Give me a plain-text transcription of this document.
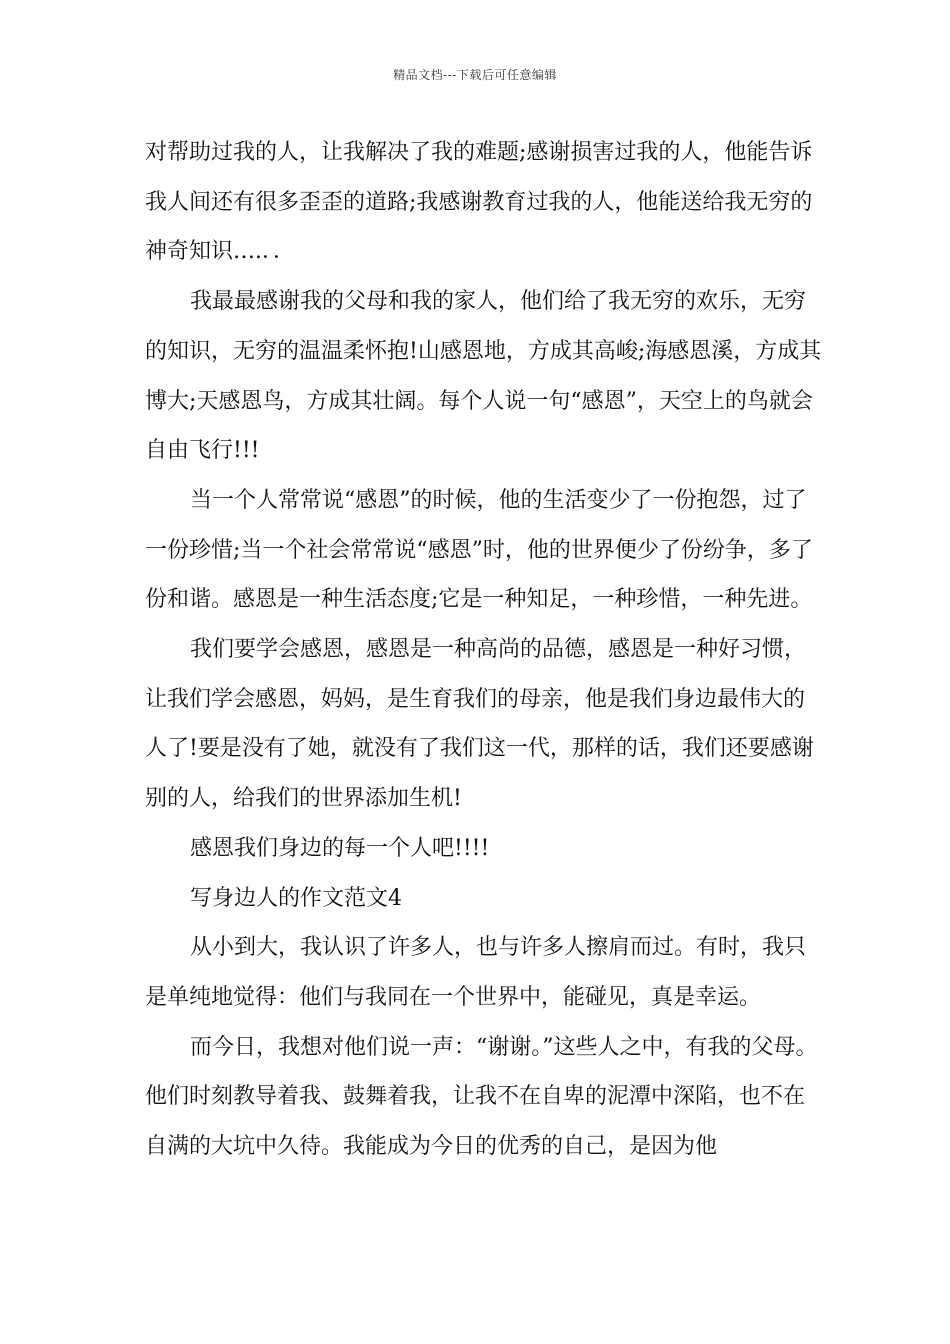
精品文档---下载后可任意编辑

对帮助过我的人，让我解决了我的难题;感谢损害过我的人，他能告诉我人间还有很多歪歪的道路;我感谢教育过我的人，他能送给我无穷的神奇知识….．．

我最最感谢我的父母和我的家人，他们给了我无穷的欢乐，无穷的知识，无穷的温温柔怀抱!山感恩地，方成其高峻;海感恩溪，方成其博大;天感恩鸟，方成其壮阔。每个人说一句“感恩”，天空上的鸟就会自由飞行!!!

当一个人常常说“感恩”的时候，他的生活变少了一份抱怨，过了一份珍惜;当一个社会常常说“感恩”时，他的世界便少了份纷争，多了份和谐。感恩是一种生活态度;它是一种知足，一种珍惜，一种先进。

我们要学会感恩，感恩是一种高尚的品德，感恩是一种好习惯，让我们学会感恩，妈妈，是生育我们的母亲，他是我们身边最伟大的人了!要是没有了她，就没有了我们这一代，那样的话，我们还要感谢别的人，给我们的世界添加生机!

感恩我们身边的每一个人吧!!!!

写身边人的作文范文4

从小到大，我认识了许多人，也与许多人擦肩而过。有时，我只是单纯地觉得：他们与我同在一个世界中，能碰见，真是幸运。

而今日，我想对他们说一声：“谢谢。”这些人之中，有我的父母。他们时刻教导着我、鼓舞着我，让我不在自卑的泥潭中深陷，也不在自满的大坑中久待。我能成为今日的优秀的自己，是因为他
